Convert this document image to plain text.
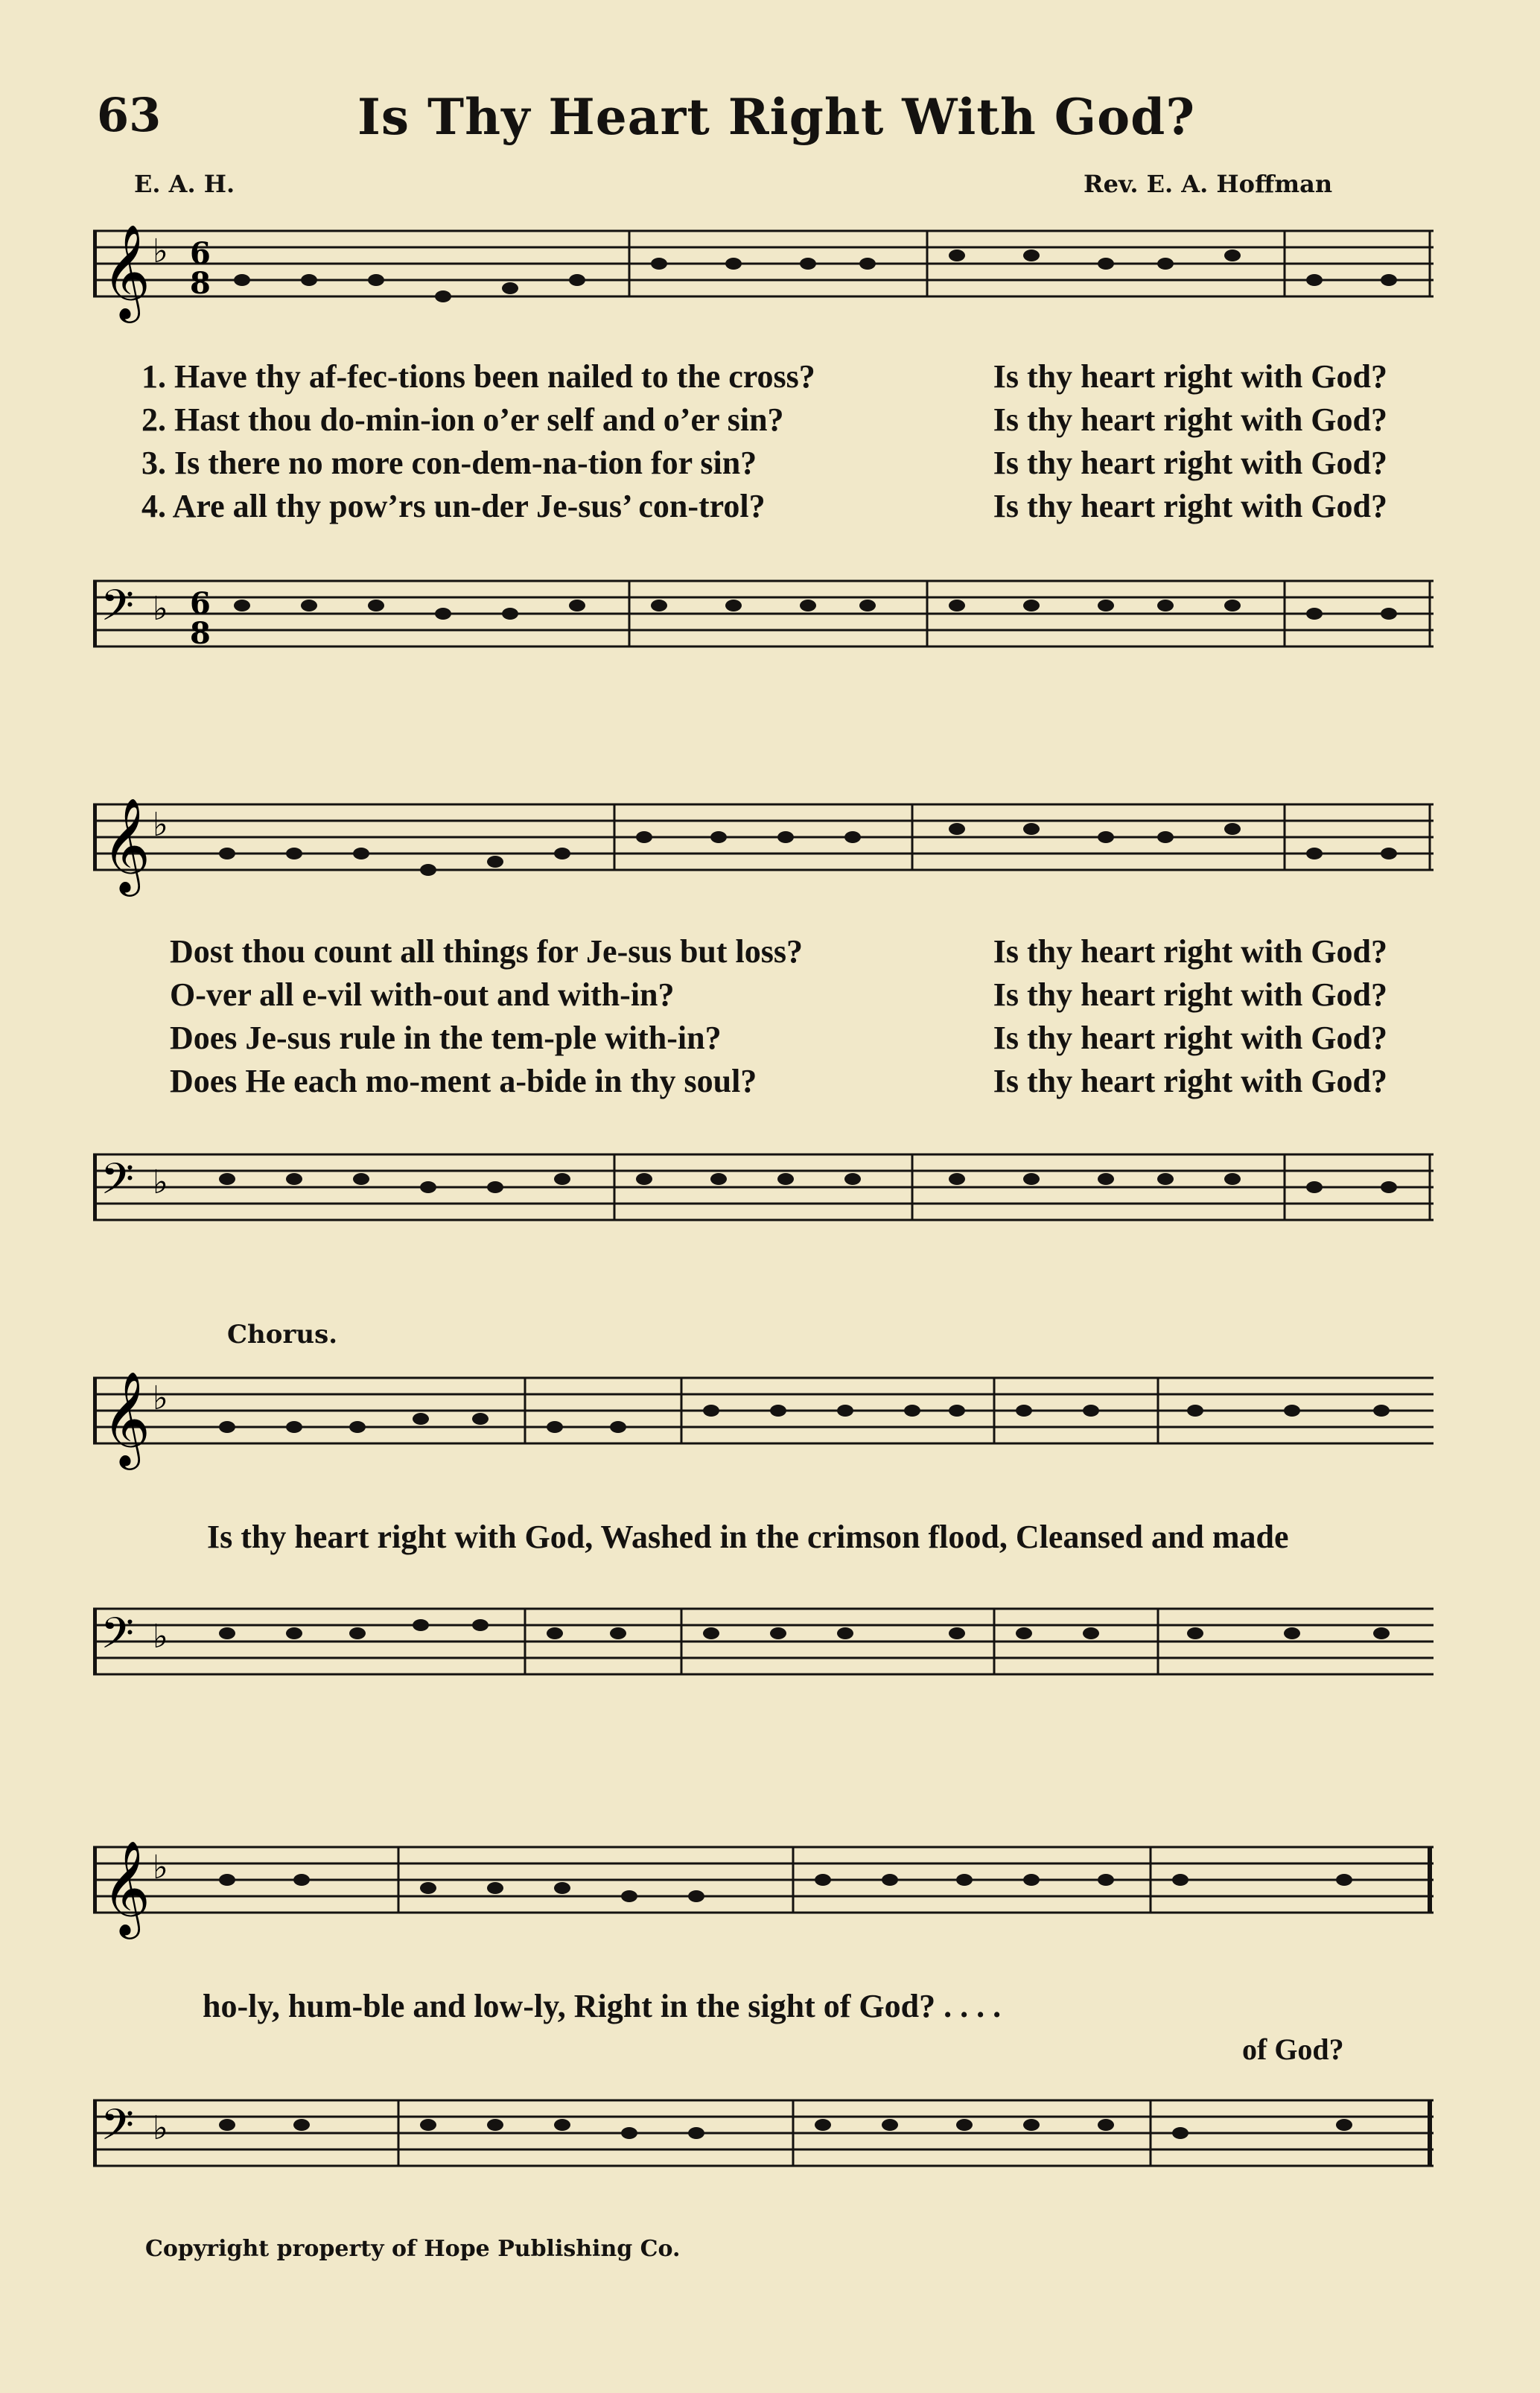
63	Is Thy Heart Right With God?
E. A. H.	Rev. E. A. Hoffman
𝄞 ♭ 6
8
1. Have thy af-fec-tions been nailed to the cross?	Is thy heart right with God?
2. Hast thou do-min-ion o’er self and o’er sin?	Is thy heart right with God?
3. Is there no more con-dem-na-tion for sin?	Is thy heart right with God?
4. Are all thy pow’rs un-der Je-sus’ con-trol?	Is thy heart right with God?
𝄢 ♭ 6
8
𝄞 ♭
Dost thou count all things for Je-sus but loss?	Is thy heart right with God?
O-ver all e-vil with-out and with-in?	Is thy heart right with God?
Does Je-sus rule in the tem-ple with-in?	Is thy heart right with God?
Does He each mo-ment a-bide in thy soul?	Is thy heart right with God?
𝄢 ♭
Chorus.
𝄞 ♭
Is thy heart right with God, Washed in the crimson flood, Cleansed and made
𝄢 ♭
𝄞 ♭
ho-ly, hum-ble and low-ly, Right in the sight of God? . . . .
of God?
𝄢 ♭
Copyright property of Hope Publishing Co.
